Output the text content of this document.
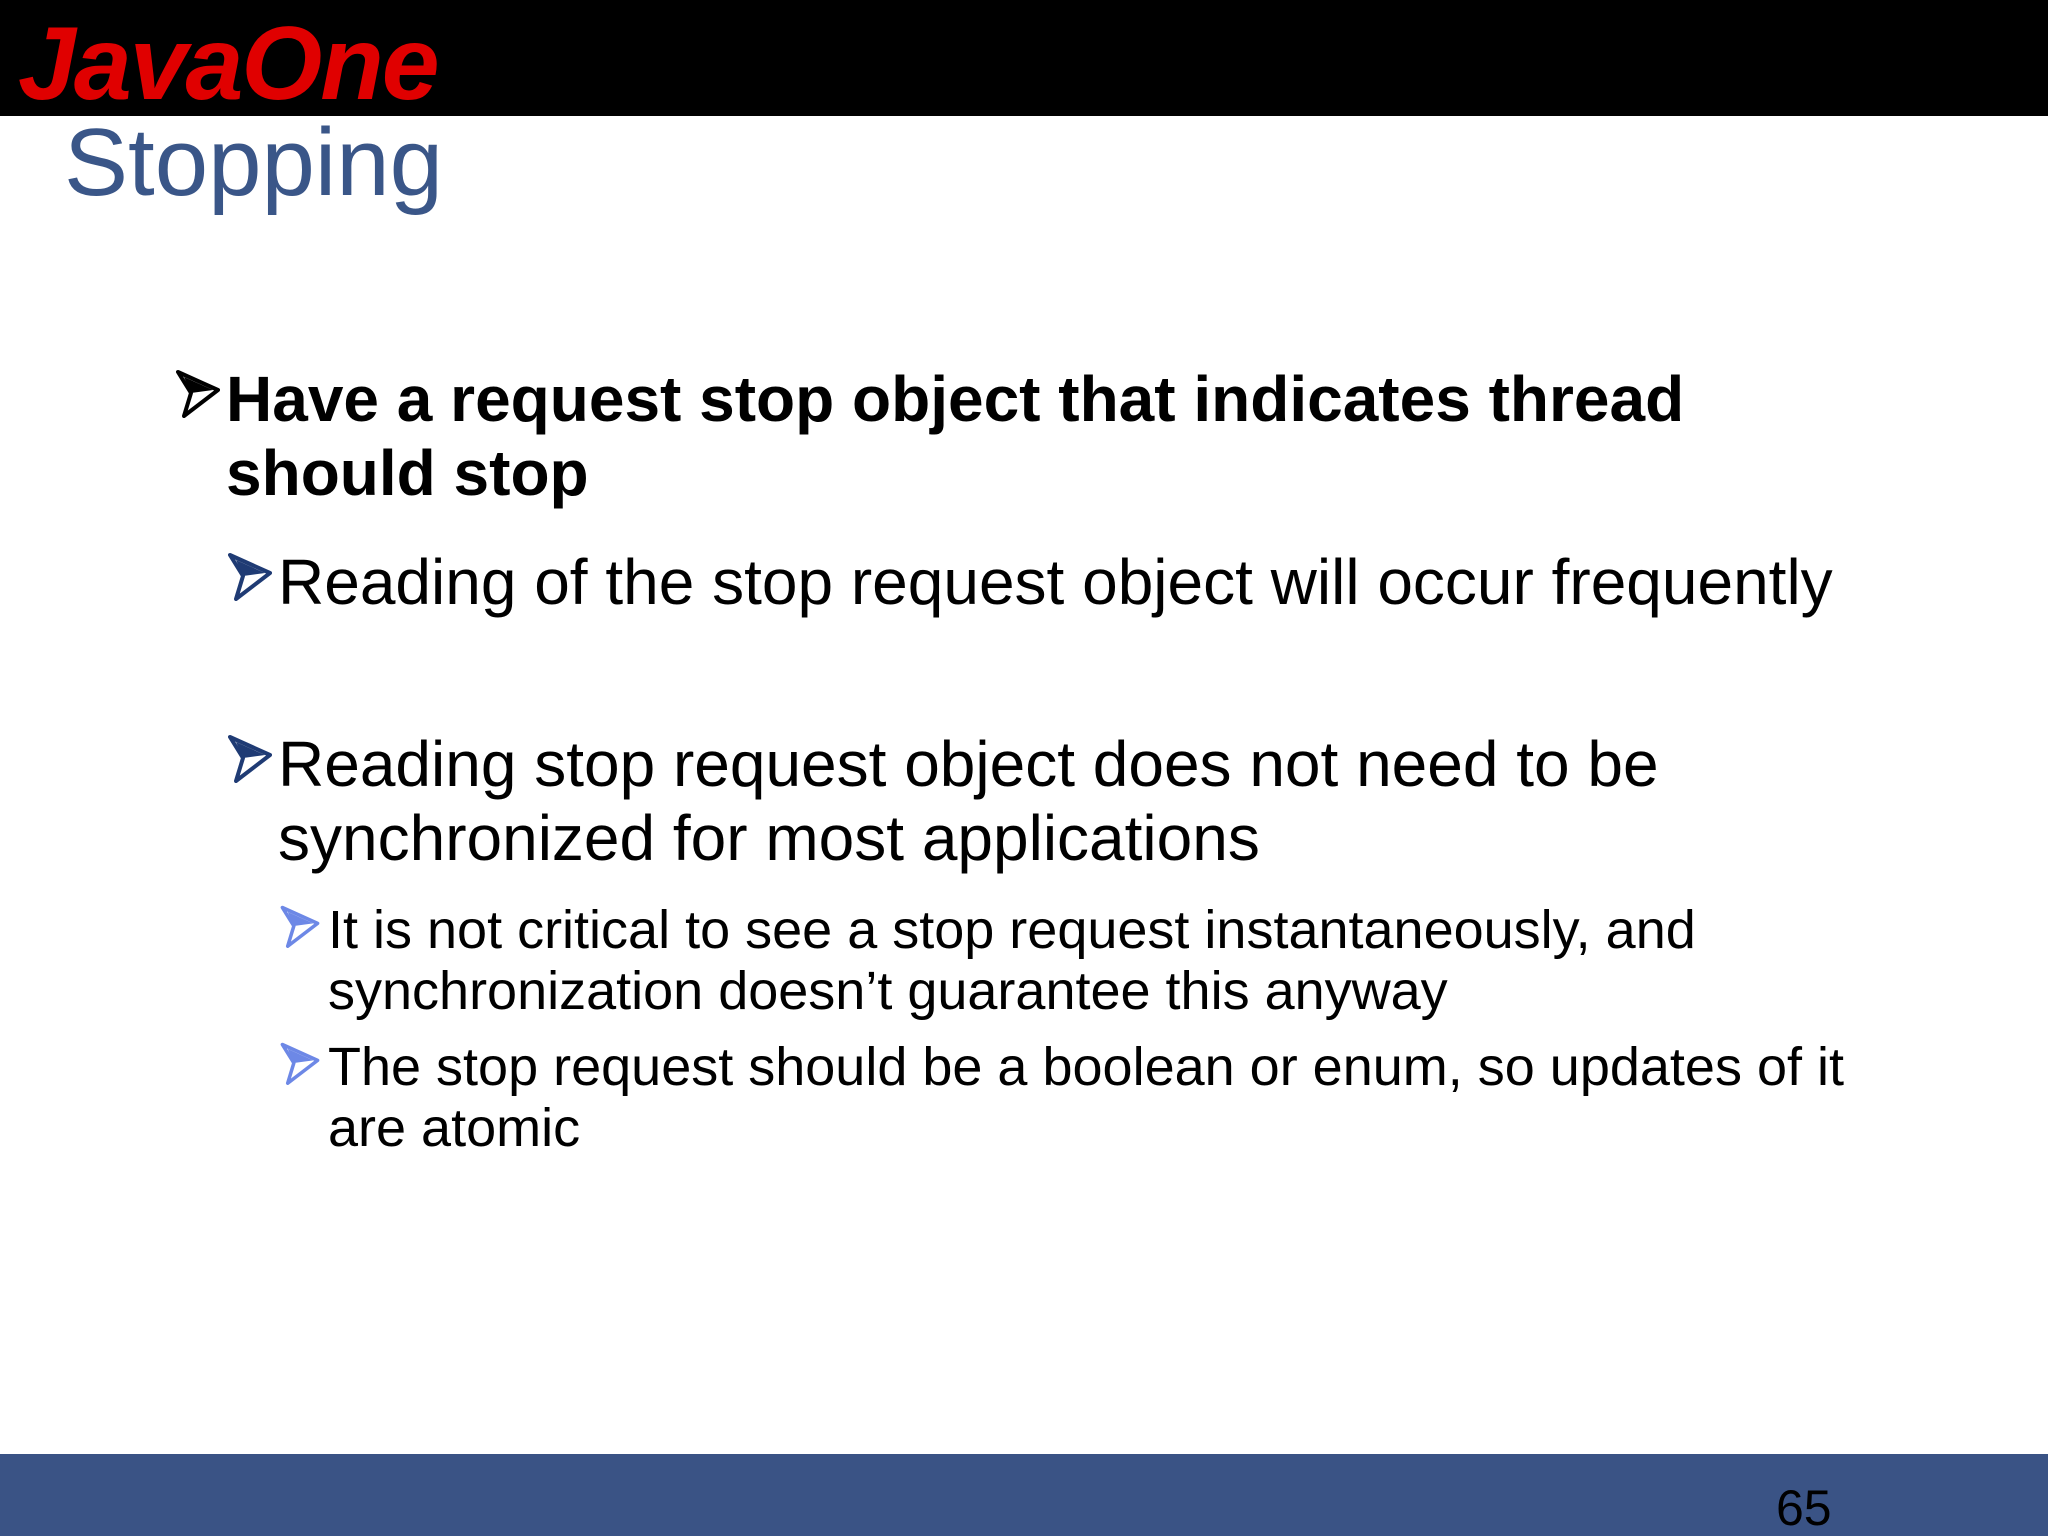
JavaOne
Stopping
Have a request stop object that indicates thread should stop
Reading of the stop request object will occur frequently
Reading stop request object does not need to be synchronized for most applications
It is not critical to see a stop request instantaneously, and synchronization doesn’t guarantee this anyway
The stop request should be a boolean or enum, so updates of it are atomic
65
